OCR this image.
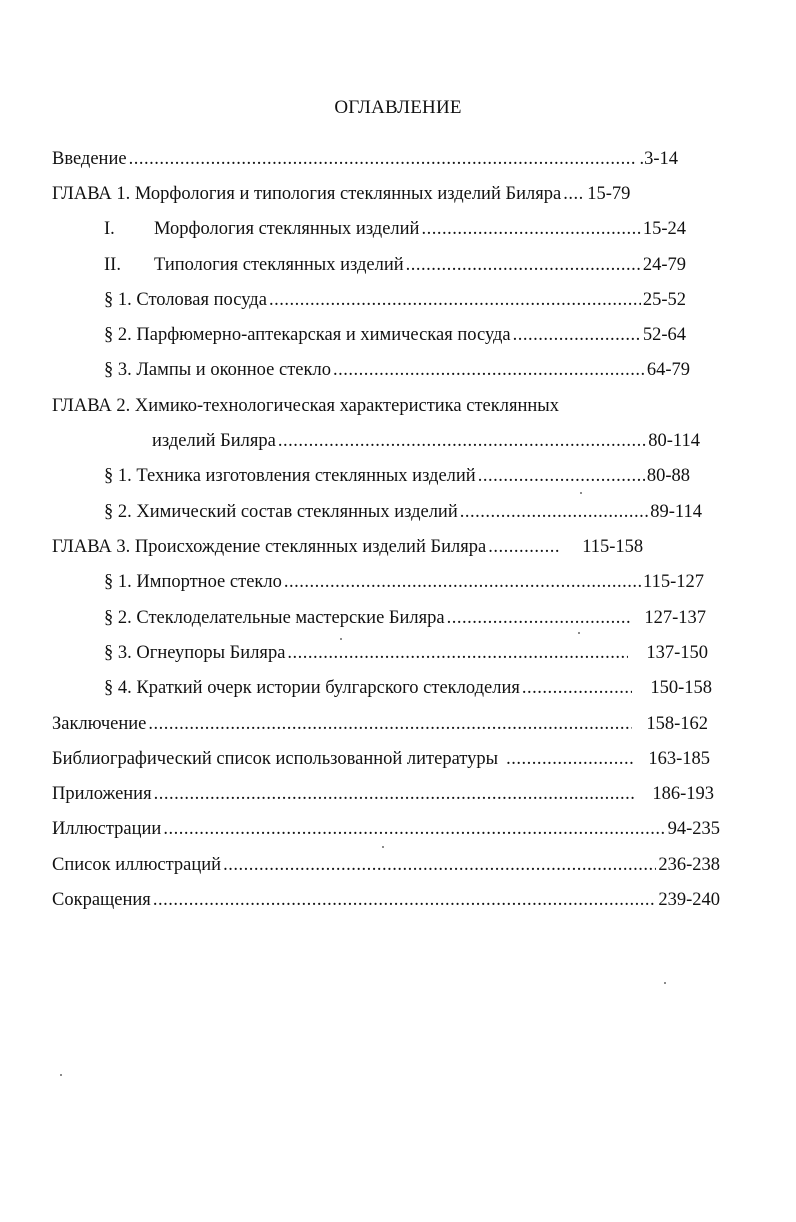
ОГЛАВЛЕНИЕ
Введение .....	.3-14
ГЛАВА 1. Морфология и типология стеклянных изделий Биляра ..... 15-79
I. Морфология стеклянных изделий .....	15-24
II. Типология стеклянных изделий .....	24-79
§ 1. Столовая посуда .....	25-52
§ 2. Парфюмерно-аптекарская и химическая посуда .....	52-64
§ 3. Лампы и оконное стекло .....	64-79
ГЛАВА 2. Химико-технологическая характеристика стеклянных
изделий Биляра .....	80-114
§ 1. Техника изготовления стеклянных изделий .....	80-88
§ 2. Химический состав стеклянных изделий .....	89-114
ГЛАВА 3. Происхождение стеклянных изделий Биляра .....	115-158
§ 1. Импортное стекло .....	115-127
§ 2. Стеклоделательные мастерские Биляра .....	127-137
§ 3. Огнеупоры Биляра .....	137-150
§ 4. Краткий очерк истории булгарского стеклоделия .....	150-158
Заключение .....	158-162
Библиографический список использованной литературы .....	163-185
Приложения .....	186-193
Иллюстрации .....	94-235
Список иллюстраций .....	236-238
Сокращения .....	239-240
